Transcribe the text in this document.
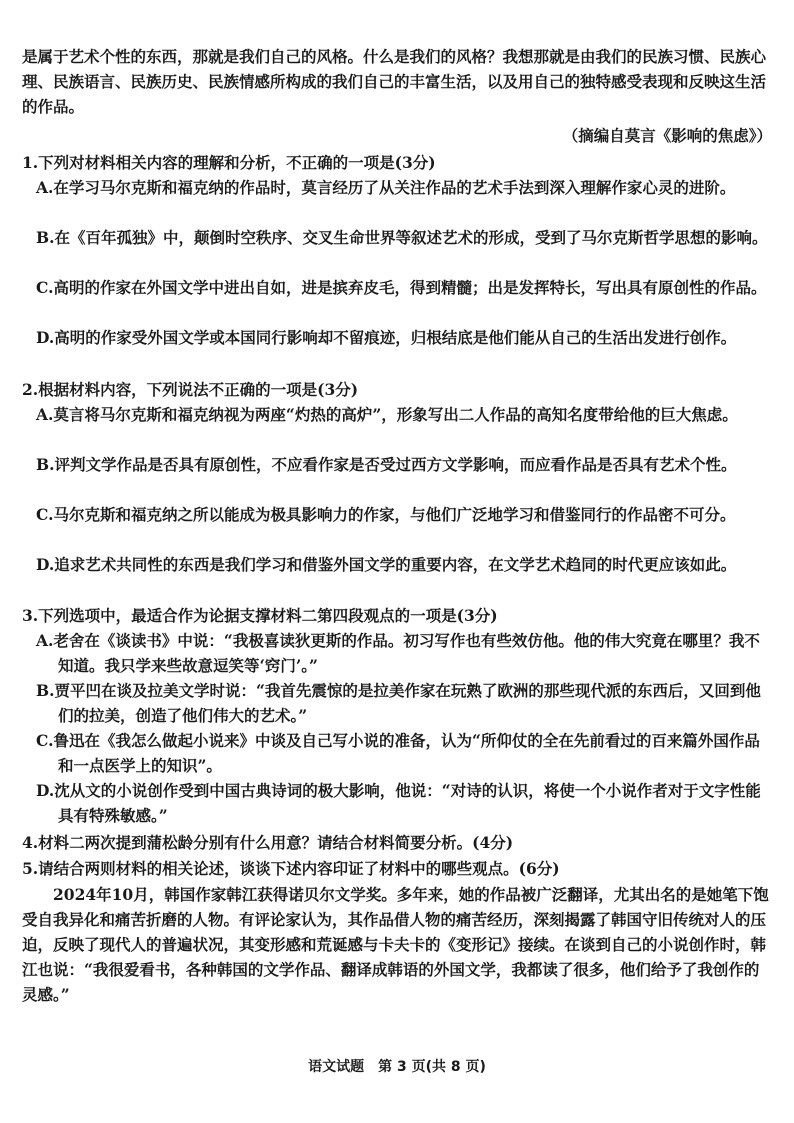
是属于艺术个性的东西，那就是我们自己的风格。什么是我们的风格？我想那就是由我们的民族习惯、民族心理、民族语言、民族历史、民族情感所构成的我们自己的丰富生活，以及用自己的独特感受表现和反映这生活的作品。
（摘编自莫言《影响的焦虑》）
1.下列对材料相关内容的理解和分析，不正确的一项是(3分)
A.在学习马尔克斯和福克纳的作品时，莫言经历了从关注作品的艺术手法到深入理解作家心灵的进阶。
B.在《百年孤独》中，颠倒时空秩序、交叉生命世界等叙述艺术的形成，受到了马尔克斯哲学思想的影响。
C.高明的作家在外国文学中进出自如，进是摈弃皮毛，得到精髓；出是发挥特长，写出具有原创性的作品。
D.高明的作家受外国文学或本国同行影响却不留痕迹，归根结底是他们能从自己的生活出发进行创作。
2.根据材料内容，下列说法不正确的一项是(3分)
A.莫言将马尔克斯和福克纳视为两座“灼热的高炉”，形象写出二人作品的高知名度带给他的巨大焦虑。
B.评判文学作品是否具有原创性，不应看作家是否受过西方文学影响，而应看作品是否具有艺术个性。
C.马尔克斯和福克纳之所以能成为极具影响力的作家，与他们广泛地学习和借鉴同行的作品密不可分。
D.追求艺术共同性的东西是我们学习和借鉴外国文学的重要内容，在文学艺术趋同的时代更应该如此。
3.下列选项中，最适合作为论据支撑材料二第四段观点的一项是(3分)
A.老舍在《谈读书》中说：“我极喜读狄更斯的作品。初习写作也有些效仿他。他的伟大究竟在哪里？我不知道。我只学来些故意逗笑等‘窍门’。”
B.贾平凹在谈及拉美文学时说：“我首先震惊的是拉美作家在玩熟了欧洲的那些现代派的东西后，又回到他们的拉美，创造了他们伟大的艺术。”
C.鲁迅在《我怎么做起小说来》中谈及自己写小说的准备，认为“所仰仗的全在先前看过的百来篇外国作品和一点医学上的知识”。
D.沈从文的小说创作受到中国古典诗词的极大影响，他说：“对诗的认识，将使一个小说作者对于文字性能具有特殊敏感。”
4.材料二两次提到蒲松龄分别有什么用意？请结合材料简要分析。(4分)
5.请结合两则材料的相关论述，谈谈下述内容印证了材料中的哪些观点。(6分)
2024年10月，韩国作家韩江获得诺贝尔文学奖。多年来，她的作品被广泛翻译，尤其出名的是她笔下饱受自我异化和痛苦折磨的人物。有评论家认为，其作品借人物的痛苦经历，深刻揭露了韩国守旧传统对人的压迫，反映了现代人的普遍状况，其变形感和荒诞感与卡夫卡的《变形记》接续。在谈到自己的小说创作时，韩江也说：“我很爱看书，各种韩国的文学作品、翻译成韩语的外国文学，我都读了很多，他们给予了我创作的灵感。”
语文试题　第 3 页(共 8 页)
